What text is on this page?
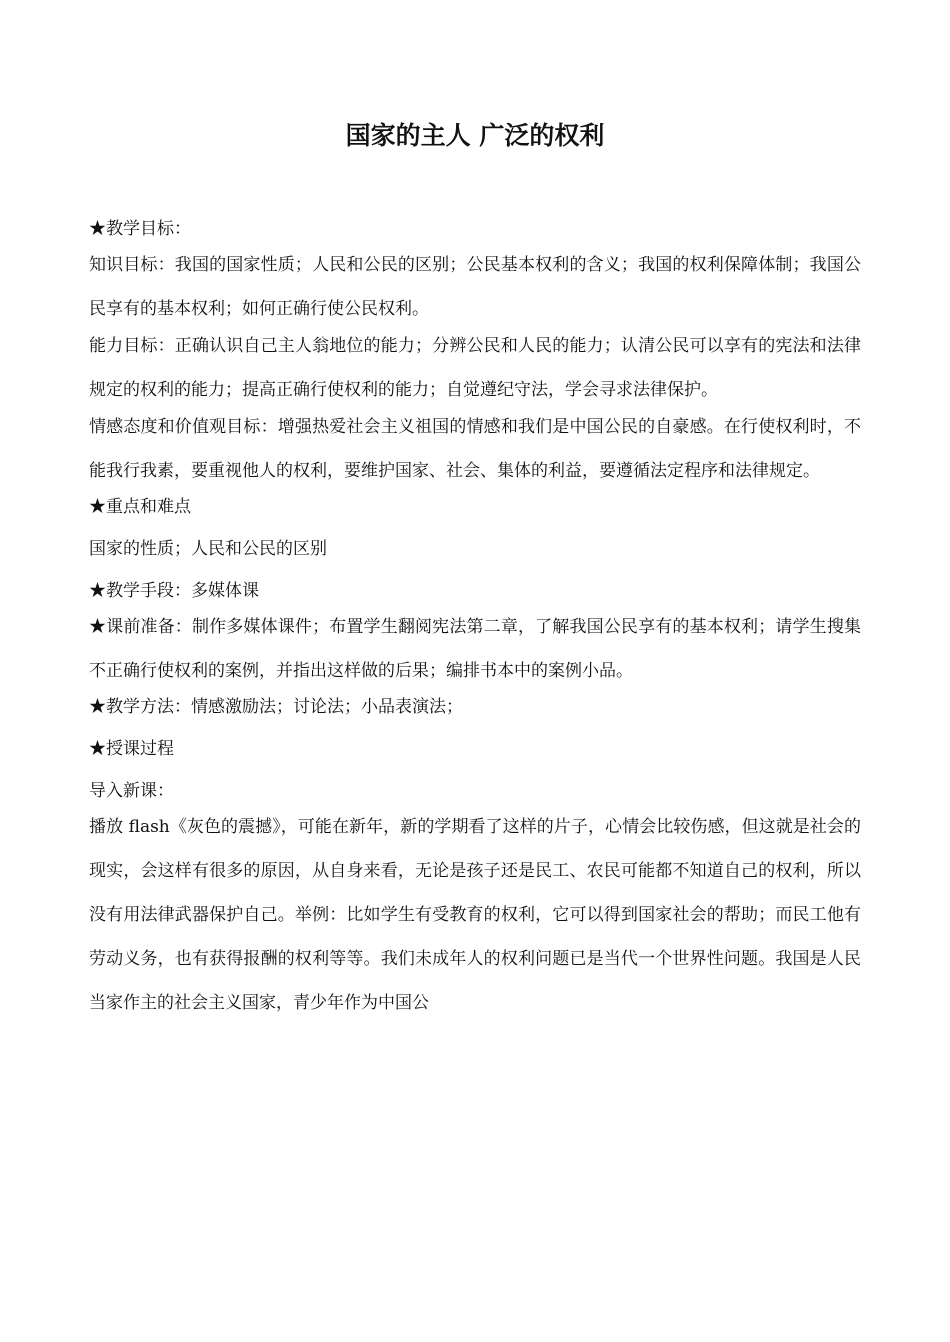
国家的主人 广泛的权利

★教学目标：

知识目标：我国的国家性质；人民和公民的区别；公民基本权利的含义；我国的权利保障体制；我国公民享有的基本权利；如何正确行使公民权利。

能力目标：正确认识自己主人翁地位的能力；分辨公民和人民的能力；认清公民可以享有的宪法和法律规定的权利的能力；提高正确行使权利的能力；自觉遵纪守法，学会寻求法律保护。

情感态度和价值观目标：增强热爱社会主义祖国的情感和我们是中国公民的自豪感。在行使权利时，不能我行我素，要重视他人的权利，要维护国家、社会、集体的利益，要遵循法定程序和法律规定。

★重点和难点

国家的性质；人民和公民的区别

★教学手段：多媒体课

★课前准备：制作多媒体课件；布置学生翻阅宪法第二章，了解我国公民享有的基本权利；请学生搜集不正确行使权利的案例，并指出这样做的后果；编排书本中的案例小品。

★教学方法：情感激励法；讨论法；小品表演法；

★授课过程

导入新课：

播放 flash《灰色的震撼》，可能在新年，新的学期看了这样的片子，心情会比较伤感，但这就是社会的现实，会这样有很多的原因，从自身来看，无论是孩子还是民工、农民可能都不知道自己的权利，所以没有用法律武器保护自己。举例：比如学生有受教育的权利，它可以得到国家社会的帮助；而民工他有劳动义务，也有获得报酬的权利等等。我们未成年人的权利问题已是当代一个世界性问题。我国是人民当家作主的社会主义国家，青少年作为中国公
